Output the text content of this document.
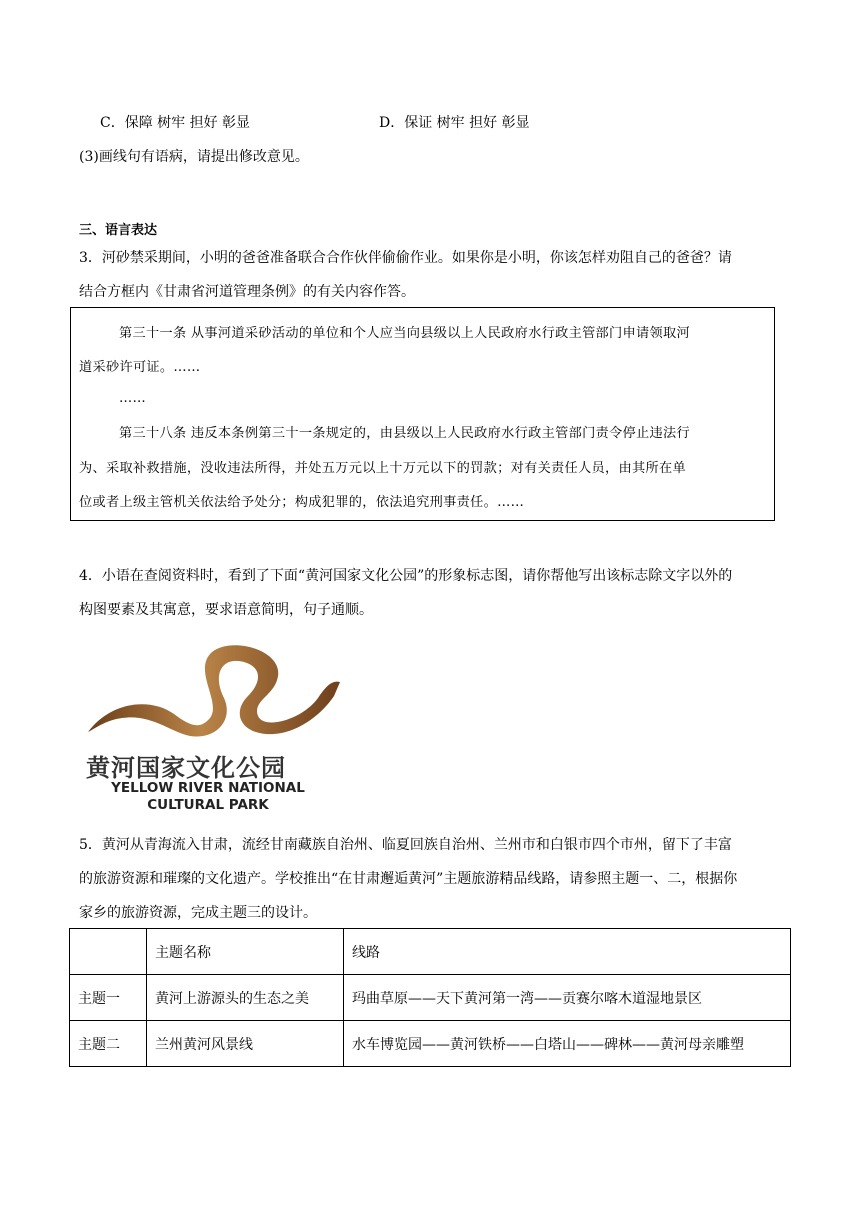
C．保障 树牢 担好 彰显	D．保证 树牢 担好 彰显
(3)画线句有语病，请提出修改意见。
三、语言表达
3．河砂禁采期间，小明的爸爸准备联合合作伙伴偷偷作业。如果你是小明，你该怎样劝阻自己的爸爸？请
结合方框内《甘肃省河道管理条例》的有关内容作答。
第三十一条 从事河道采砂活动的单位和个人应当向县级以上人民政府水行政主管部门申请领取河
道采砂许可证。……
……
第三十八条 违反本条例第三十一条规定的，由县级以上人民政府水行政主管部门责令停止违法行
为、采取补救措施，没收违法所得，并处五万元以上十万元以下的罚款；对有关责任人员，由其所在单
位或者上级主管机关依法给予处分；构成犯罪的，依法追究刑事责任。……
4．小语在查阅资料时，看到了下面“黄河国家文化公园”的形象标志图，请你帮他写出该标志除文字以外的
构图要素及其寓意，要求语意简明，句子通顺。
黄河国家文化公园
YELLOW RIVER NATIONAL
CULTURAL PARK
5．黄河从青海流入甘肃，流经甘南藏族自治州、临夏回族自治州、兰州市和白银市四个市州，留下了丰富
的旅游资源和璀璨的文化遗产。学校推出“在甘肃邂逅黄河”主题旅游精品线路，请参照主题一、二，根据你
家乡的旅游资源，完成主题三的设计。
	主题名称	线路
主题一	黄河上游源头的生态之美	玛曲草原——天下黄河第一湾——贡赛尔喀木道湿地景区
主题二	兰州黄河风景线	水车博览园——黄河铁桥——白塔山——碑林——黄河母亲雕塑
